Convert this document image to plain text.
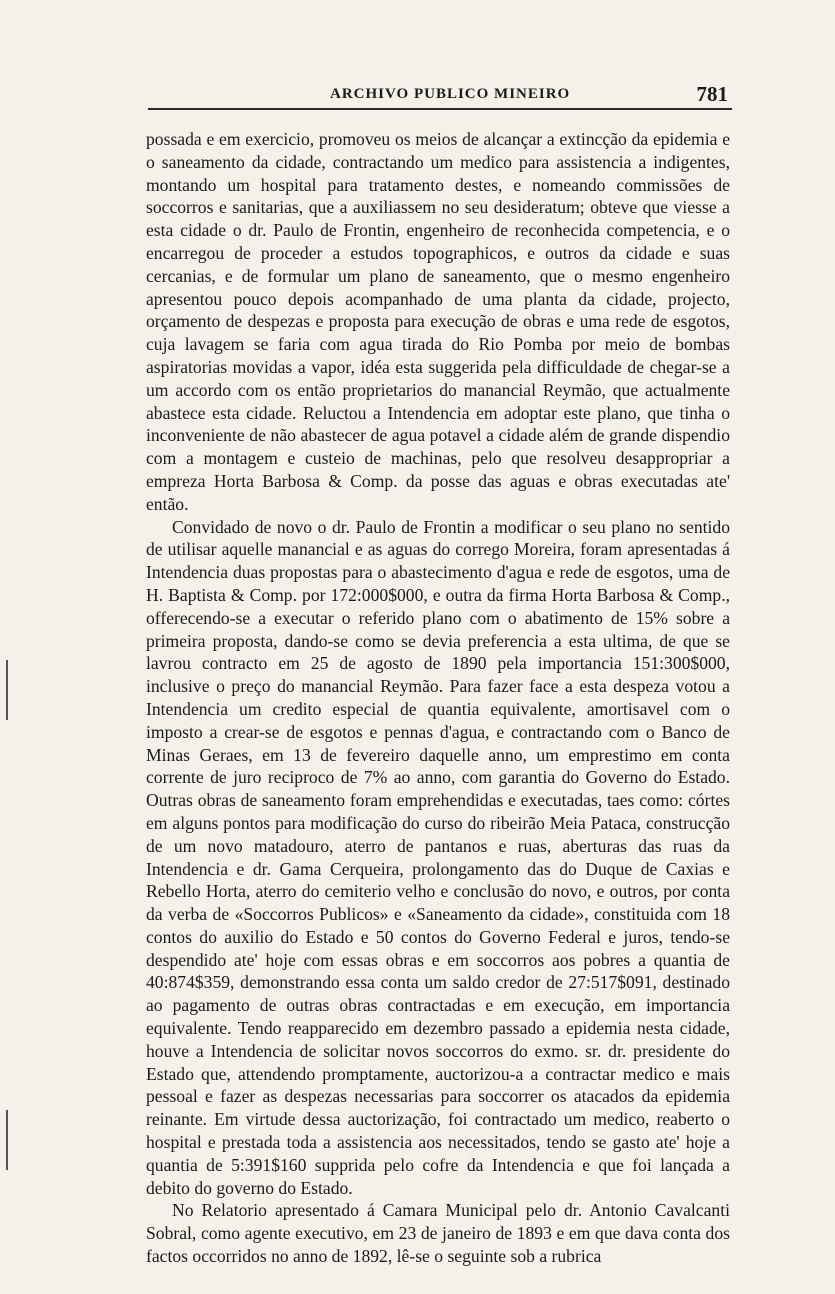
ARCHIVO PUBLICO MINEIRO	781

possada e em exercicio, promoveu os meios de alcançar a extincção da epidemia e o saneamento da cidade, contractando um medico para assistencia a indigentes, montando um hospital para tratamento destes, e nomeando commissões de soccorros e sanitarias, que a auxiliassem no seu desideratum; obteve que viesse a esta cidade o dr. Paulo de Frontin, engenheiro de reconhecida competencia, e o encarregou de proceder a estudos topographicos, e outros da cidade e suas cercanias, e de formular um plano de saneamento, que o mesmo engenheiro apresentou pouco depois acompanhado de uma planta da cidade, projecto, orçamento de despezas e proposta para execução de obras e uma rede de esgotos, cuja lavagem se faria com agua tirada do Rio Pomba por meio de bombas aspiratorias movidas a vapor, idéa esta suggerida pela difficuldade de chegar-se a um accordo com os então proprietarios do manancial Reymão, que actualmente abastece esta cidade. Reluctou a Intendencia em adoptar este plano, que tinha o inconveniente de não abastecer de agua potavel a cidade além de grande dispendio com a montagem e custeio de machinas, pelo que resolveu desappropriar a empreza Horta Barbosa & Comp. da posse das aguas e obras executadas ate' então.

Convidado de novo o dr. Paulo de Frontin a modificar o seu plano no sentido de utilisar aquelle manancial e as aguas do corrego Moreira, foram apresentadas á Intendencia duas propostas para o abastecimento d'agua e rede de esgotos, uma de H. Baptista & Comp. por 172:000$000, e outra da firma Horta Barbosa & Comp., offerecendo-se a executar o referido plano com o abatimento de 15% sobre a primeira proposta, dando-se como se devia preferencia a esta ultima, de que se lavrou contracto em 25 de agosto de 1890 pela importancia 151:300$000, inclusive o preço do manancial Reymão. Para fazer face a esta despeza votou a Intendencia um credito especial de quantia equivalente, amortisavel com o imposto a crear-se de esgotos e pennas d'agua, e contractando com o Banco de Minas Geraes, em 13 de fevereiro daquelle anno, um emprestimo em conta corrente de juro reciproco de 7% ao anno, com garantia do Governo do Estado. Outras obras de saneamento foram emprehendidas e executadas, taes como: córtes em alguns pontos para modificação do curso do ribeirão Meia Pataca, construcção de um novo matadouro, aterro de pantanos e ruas, aberturas das ruas da Intendencia e dr. Gama Cerqueira, prolongamento das do Duque de Caxias e Rebello Horta, aterro do cemiterio velho e conclusão do novo, e outros, por conta da verba de «Soccorros Publicos» e «Saneamento da cidade», constituida com 18 contos do auxilio do Estado e 50 contos do Governo Federal e juros, tendo-se despendido ate' hoje com essas obras e em soccorros aos pobres a quantia de 40:874$359, demonstrando essa conta um saldo credor de 27:517$091, destinado ao pagamento de outras obras contractadas e em execução, em importancia equivalente. Tendo reapparecido em dezembro passado a epidemia nesta cidade, houve a Intendencia de solicitar novos soccorros do exmo. sr. dr. presidente do Estado que, attendendo promptamente, auctorizou-a a contractar medico e mais pessoal e fazer as despezas necessarias para soccorrer os atacados da epidemia reinante. Em virtude dessa auctorização, foi contractado um medico, reaberto o hospital e prestada toda a assistencia aos necessitados, tendo se gasto ate' hoje a quantia de 5:391$160 supprida pelo cofre da Intendencia e que foi lançada a debito do governo do Estado.

No Relatorio apresentado á Camara Municipal pelo dr. Antonio Cavalcanti Sobral, como agente executivo, em 23 de janeiro de 1893 e em que dava conta dos factos occorridos no anno de 1892, lê-se o seguinte sob a rubrica
